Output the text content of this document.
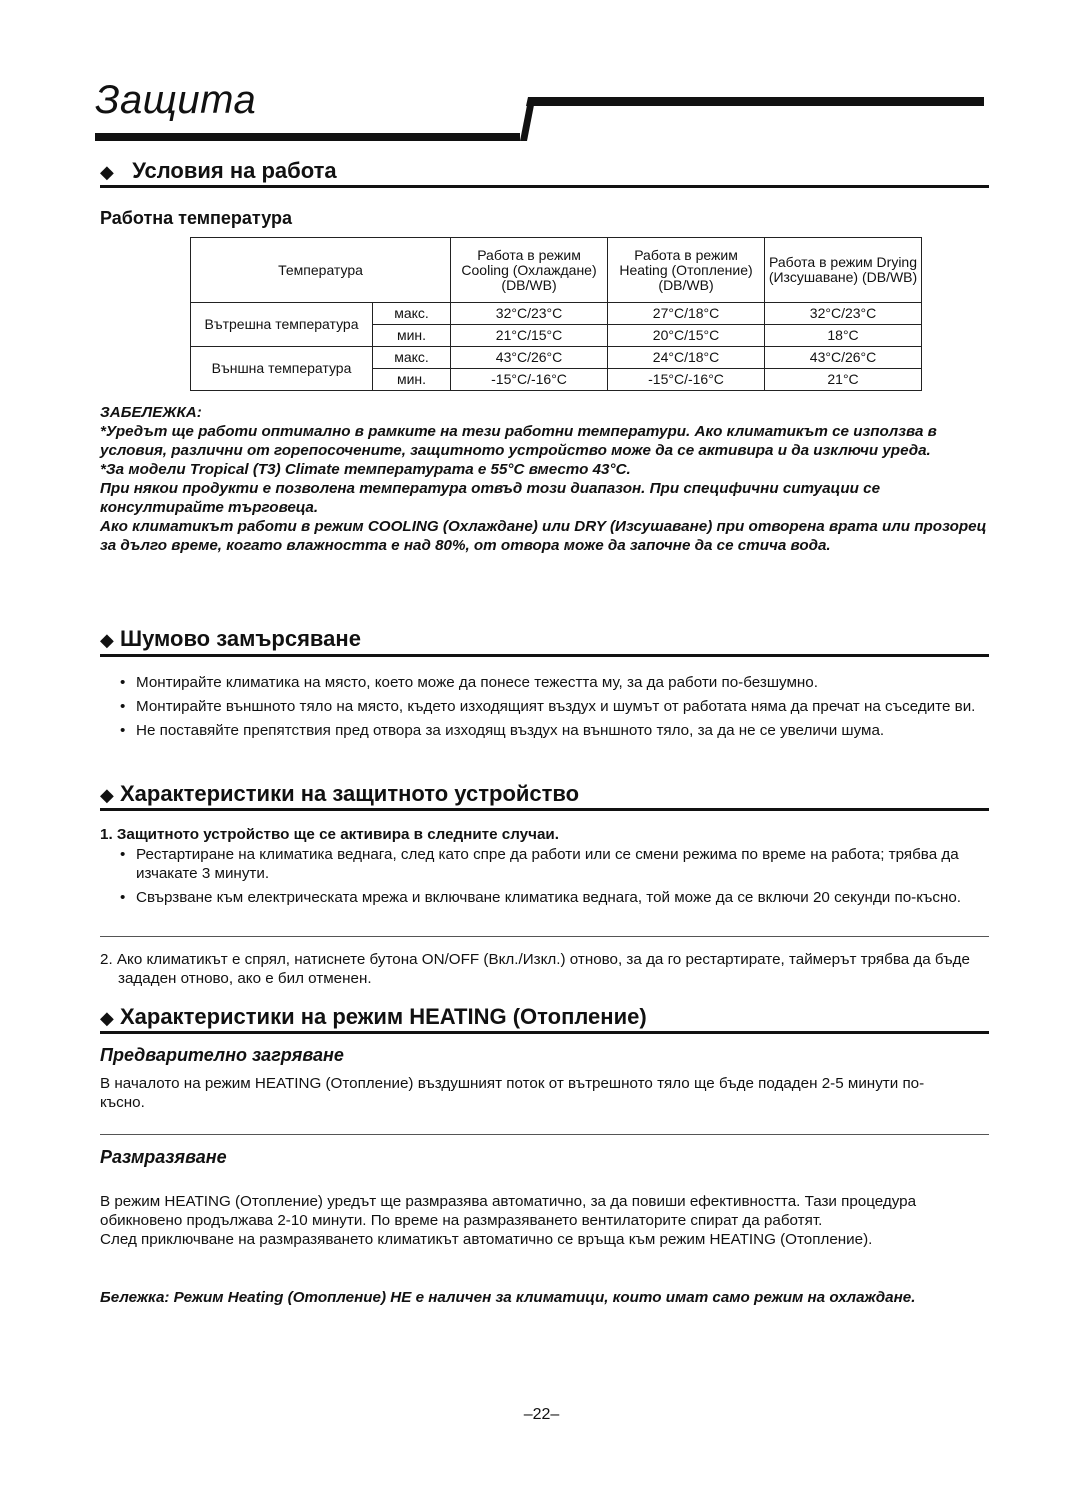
Защита
◆ Условия на работа
Работна температура
Температура		Работа в режим Cooling (Охлаждане) (DB/WB)	Работа в режим Heating (Отопление) (DB/WB)	Работа в режим Drying (Изсушаване) (DB/WB)
Вътрешна температура	макс.	32°C/23°C	27°C/18°C	32°C/23°C
	мин.	21°C/15°C	20°C/15°C	18°C
Външна температура	макс.	43°C/26°C	24°C/18°C	43°C/26°C
	мин.	-15°C/-16°C	-15°C/-16°C	21°C

ЗАБЕЛЕЖКА:

*Уредът ще работи оптимално в рамките на тези работни температури. Ако климатикът се използва в условия, различни от горепосочените, защитното устройство може да се активира и да изключи уреда.

*За модели Tropical (T3) Climate температурата е 55°C вместо 43°C.

При някои продукти е позволена температура отвъд този диапазон. При специфични ситуации се консултирайте търговеца.

Ако климатикът работи в режим COOLING (Охлаждане) или DRY (Изсушаване) при отворена врата или прозорец за дълго време, когато влажността е над 80%, от отвора може да започне да се стича вода.

◆ Шумово замърсяване
• Монтирайте климатика на място, което може да понесе тежестта му, за да работи по-безшумно.
• Монтирайте външното тяло на място, където изходящият въздух и шумът от работата няма да пречат на съседите ви.
• Не поставяйте препятствия пред отвора за изходящ въздух на външното тяло, за да не се увеличи шума.
◆ Характеристики на защитното устройство
1. Защитното устройство ще се активира в следните случаи.
• Рестартиране на климатика веднага, след като спре да работи или се смени режима по време на работа; трябва да изчакате 3 минути.
• Свързване към електрическата мрежа и включване климатика веднага, той може да се включи 20 секунди по-късно.

2. Ако климатикът е спрял, натиснете бутона ON/OFF (Вкл./Изкл.) отново, за да го рестартирате, таймерът трябва да бъде зададен отново, ако е бил отменен.

◆ Характеристики на режим HEATING (Отопление)
Предварително загряване

В началото на режим HEATING (Отопление) въздушният поток от вътрешното тяло ще бъде подаден 2-5 минути по-късно.

Размразяване

В режим HEATING (Отопление) уредът ще размразява автоматично, за да повиши ефективността. Тази процедура обикновено продължава 2-10 минути. По време на размразяването вентилаторите спират да работят.

След приключване на размразяването климатикът автоматично се връща към режим HEATING (Отопление).

Бележка: Режим Heating (Отопление) НЕ е наличен за климатици, които имат само режим на охлаждане.

–22–
